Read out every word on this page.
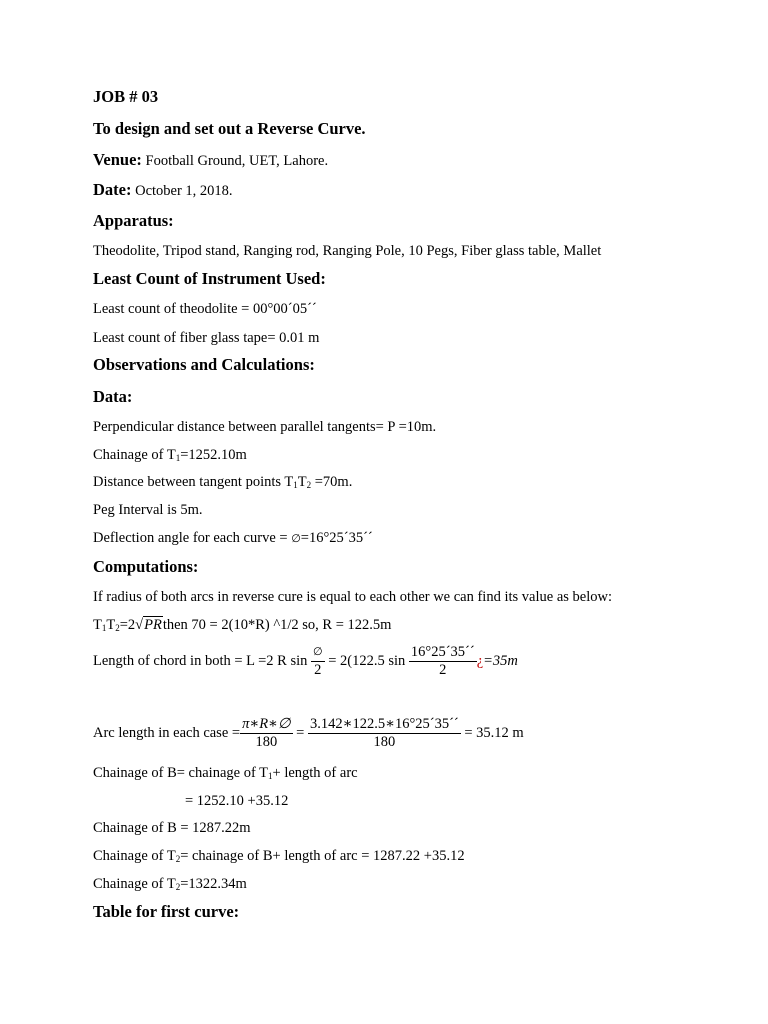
JOB # 03
To design and set out a Reverse Curve.
Venue: Football Ground, UET, Lahore.
Date: October 1, 2018.
Apparatus:
Theodolite, Tripod stand, Ranging rod, Ranging Pole, 10 Pegs, Fiber glass table, Mallet
Least Count of Instrument Used:
Least count of theodolite = 00°00´05´´
Least count of fiber glass tape= 0.01 m
Observations and Calculations:
Data:
Perpendicular distance between parallel tangents= P =10m.
Chainage of $T_1=1252.10m$
Distance between tangent points $T_1T_2 =70m$.
Peg Interval is 5m.
Deflection angle for each curve = ∅=16°25´35´´
Computations:
If radius of both arcs in reverse cure is equal to each other we can find its value as below:
$T_1T_2=2√PRthen$ 70 = 2(10*R) ^1/2 so, R = 122.5m
Length of chord in both = L =2 R $\sin \frac{\emptyset}{2} = 2(122.5$ $\sin \frac{16^\circ 25´35´´}{2}$ ¿=35m
Arc length in each case = $\frac{\pi∗R∗\emptyset}{180} = \frac{3.142∗122.5∗16^\circ 25´35´´}{180} = 35.12$ m
Chainage of B= chainage of $T_1+$ length of arc
= 1252.10 +35.12
Chainage of B = 1287.22m
Chainage of $T_2=$ chainage of B+ length of arc = 1287.22 +35.12
Chainage of $T_2=1322.34m$
Table for first curve:
